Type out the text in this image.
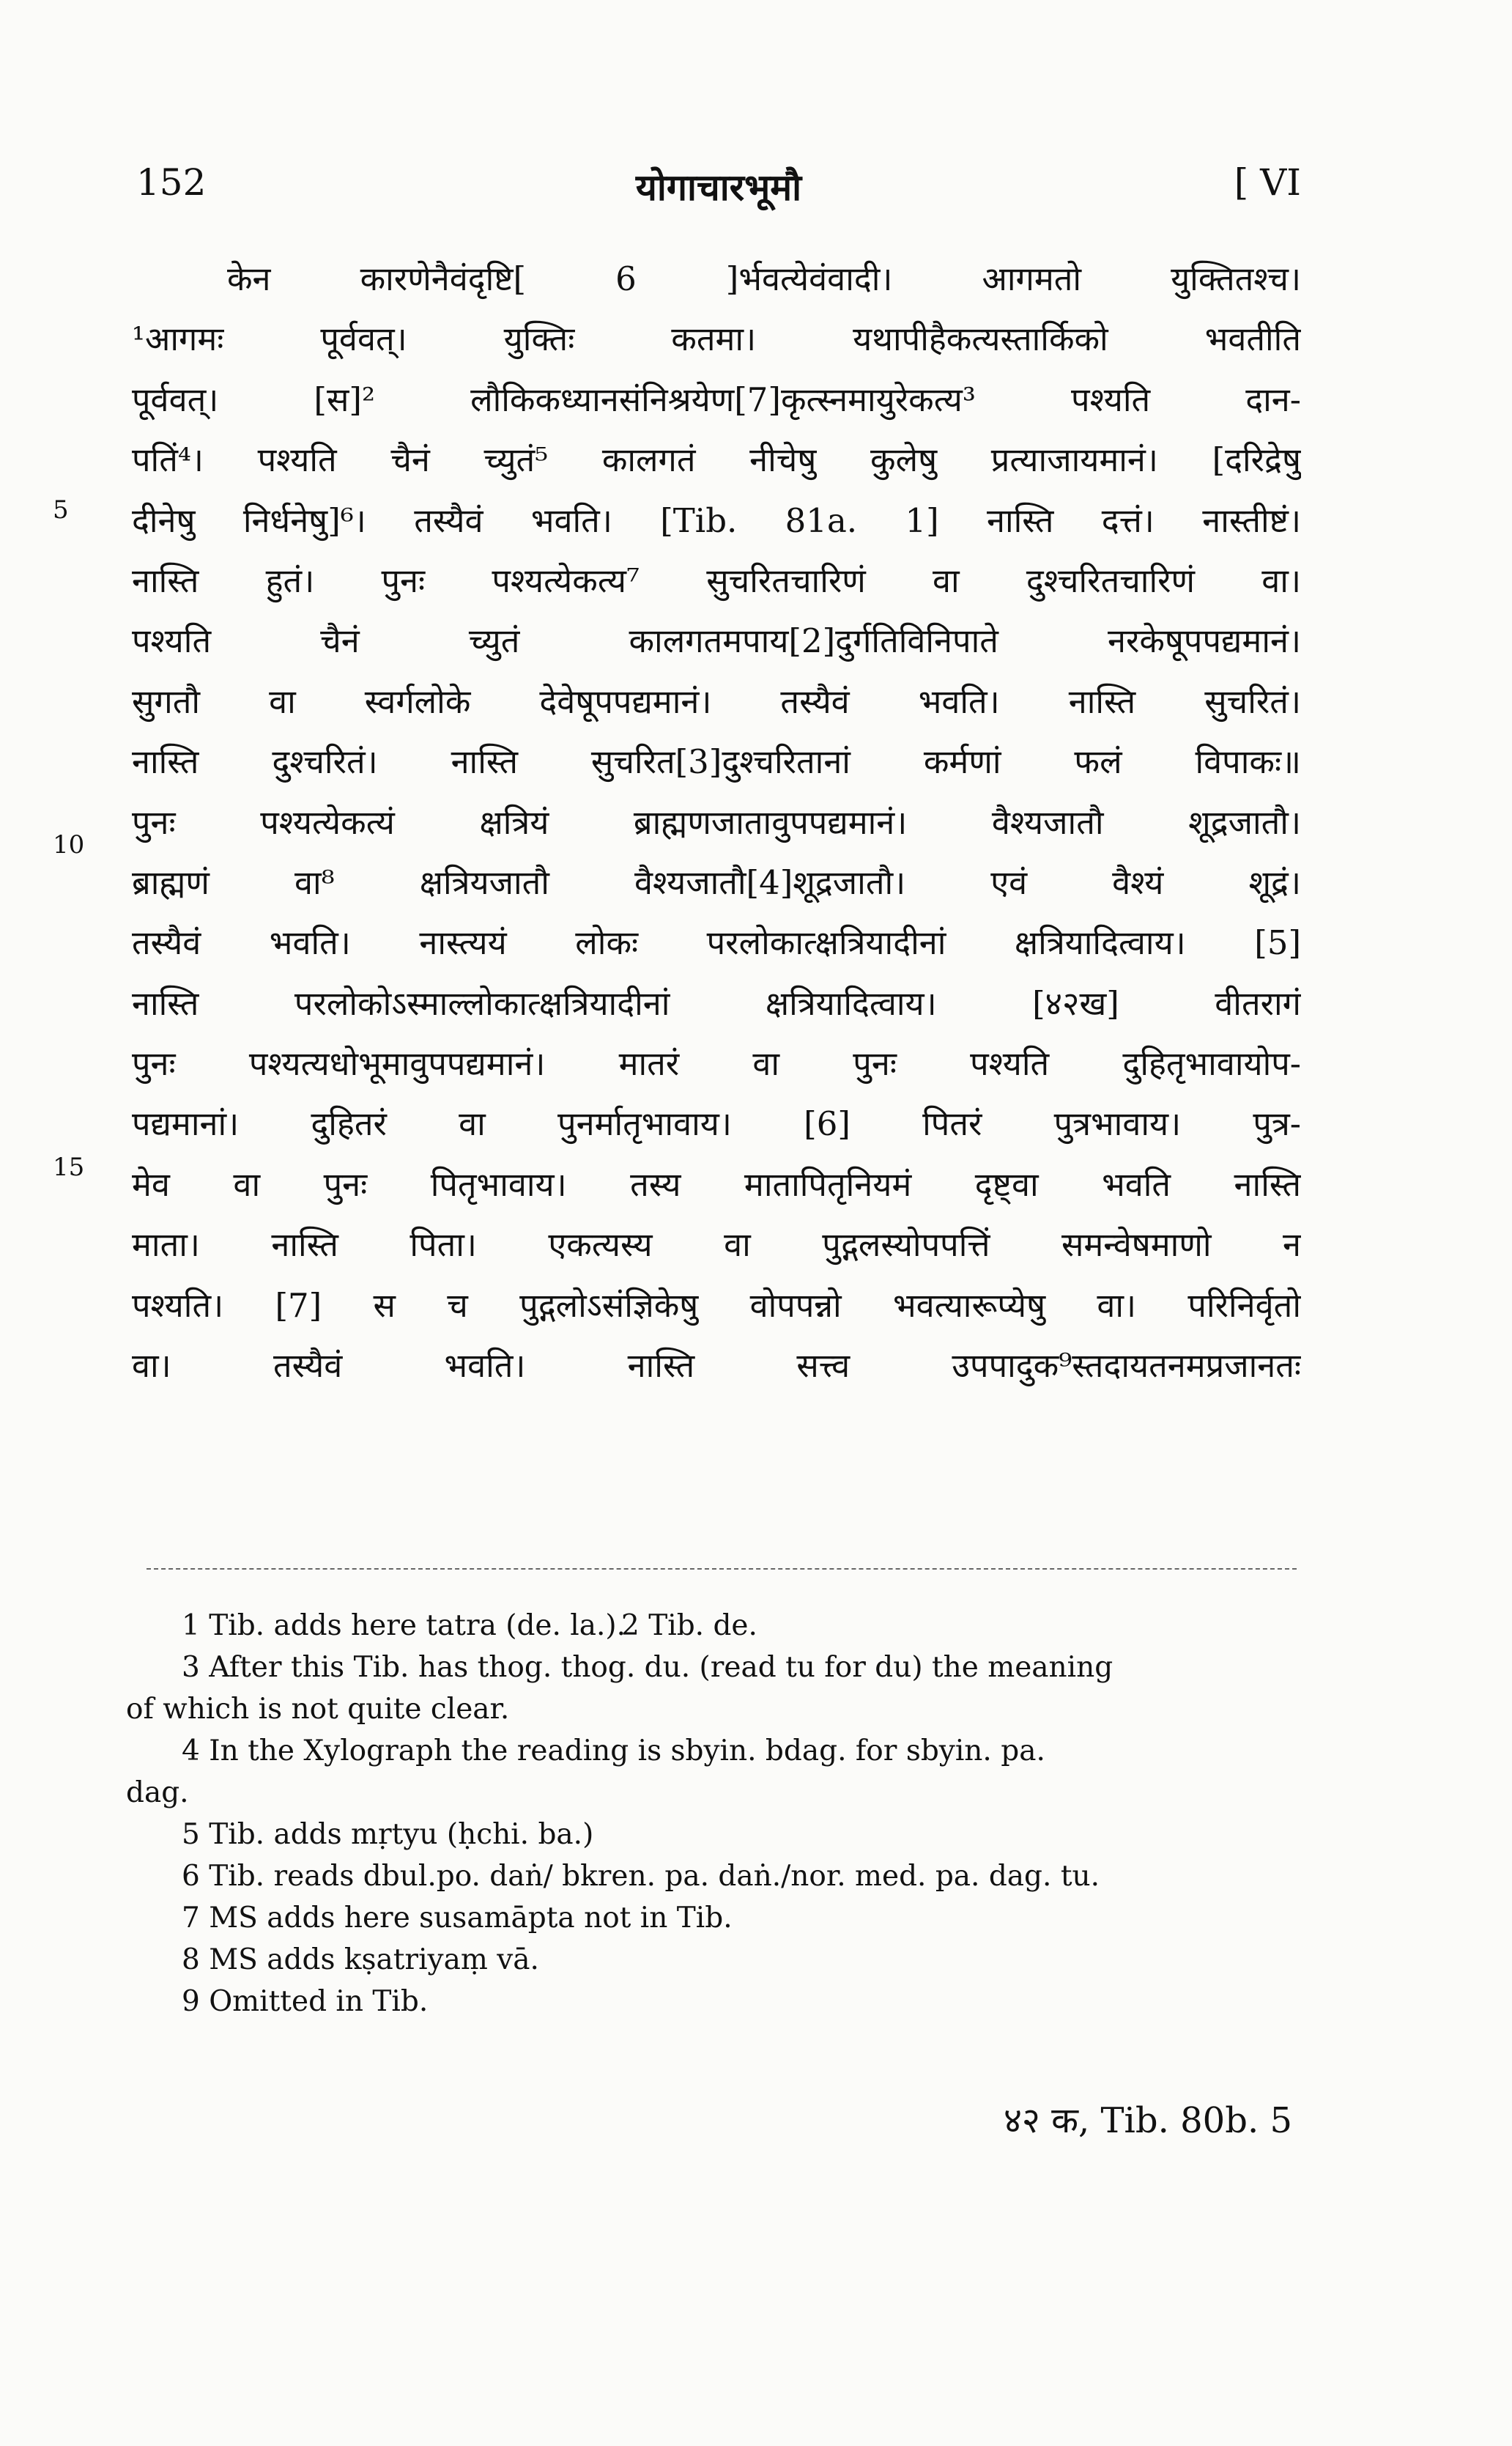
152	योगाचारभूमौ	[ VI
केन कारणेनैवंदृष्टि[ 6 ]र्भवत्येवंवादी। आगमतो युक्तितश्च।
¹आगमः पूर्ववत्। युक्तिः कतमा। यथापीहैकत्यस्तार्किको भवतीति
पूर्ववत्। [स]² लौकिकध्यानसंनिश्रयेण[7]कृत्स्नमायुरेकत्य³ पश्यति दान-
पतिं⁴। पश्यति चैनं च्युतं⁵ कालगतं नीचेषु कुलेषु प्रत्याजायमानं। [दरिद्रेषु
दीनेषु निर्धनेषु]⁶। तस्यैवं भवति। [Tib. 81a. 1] नास्ति दत्तं। नास्तीष्टं।
नास्ति हुतं। पुनः पश्यत्येकत्य⁷ सुचरितचारिणं वा दुश्चरितचारिणं वा।
पश्यति चैनं च्युतं कालगतमपाय[2]दुर्गतिविनिपाते नरकेषूपपद्यमानं।
सुगतौ वा स्वर्गलोके देवेषूपपद्यमानं। तस्यैवं भवति। नास्ति सुचरितं।
नास्ति दुश्चरितं। नास्ति सुचरित[3]दुश्चरितानां कर्मणां फलं विपाकः॥
पुनः पश्यत्येकत्यं क्षत्रियं ब्राह्मणजातावुपपद्यमानं। वैश्यजातौ शूद्रजातौ।
ब्राह्मणं वा⁸ क्षत्रियजातौ वैश्यजातौ[4]शूद्रजातौ। एवं वैश्यं शूद्रं।
तस्यैवं भवति। नास्त्ययं लोकः परलोकात्क्षत्रियादीनां क्षत्रियादित्वाय। [5]
नास्ति परलोकोऽस्माल्लोकात्क्षत्रियादीनां क्षत्रियादित्वाय। [४२ख] वीतरागं
पुनः पश्यत्यधोभूमावुपपद्यमानं। मातरं वा पुनः पश्यति दुहितृभावायोप-
पद्यमानां। दुहितरं वा पुनर्मातृभावाय। [6] पितरं पुत्रभावाय। पुत्र-
मेव वा पुनः पितृभावाय। तस्य मातापितृनियमं दृष्ट्वा भवति नास्ति
माता। नास्ति पिता। एकत्यस्य वा पुद्गलस्योपपत्तिं समन्वेषमाणो न
पश्यति। [7] स च पुद्गलोऽसंज्ञिकेषु वोपपन्नो भवत्यारूप्येषु वा। परिनिर्वृतो
वा। तस्यैवं भवति। नास्ति सत्त्व उपपादुक⁹स्तदायतनमप्रजानतः
5
10
15
1 Tib. adds here tatra (de. la.).2 Tib. de.
3 After this Tib. has thog. thog. du. (read tu for du) the meaning
of which is not quite clear.
4 In the Xylograph the reading is sbyin. bdag. for sbyin. pa.
dag.
5 Tib. adds mṛtyu (ḥchi. ba.)
6 Tib. reads dbul.po. daṅ/ bkren. pa. daṅ./nor. med. pa. dag. tu.
7 MS adds here susamāpta not in Tib.
8 MS adds kṣatriyaṃ vā.
9 Omitted in Tib.
४२ क, Tib. 80b. 5
